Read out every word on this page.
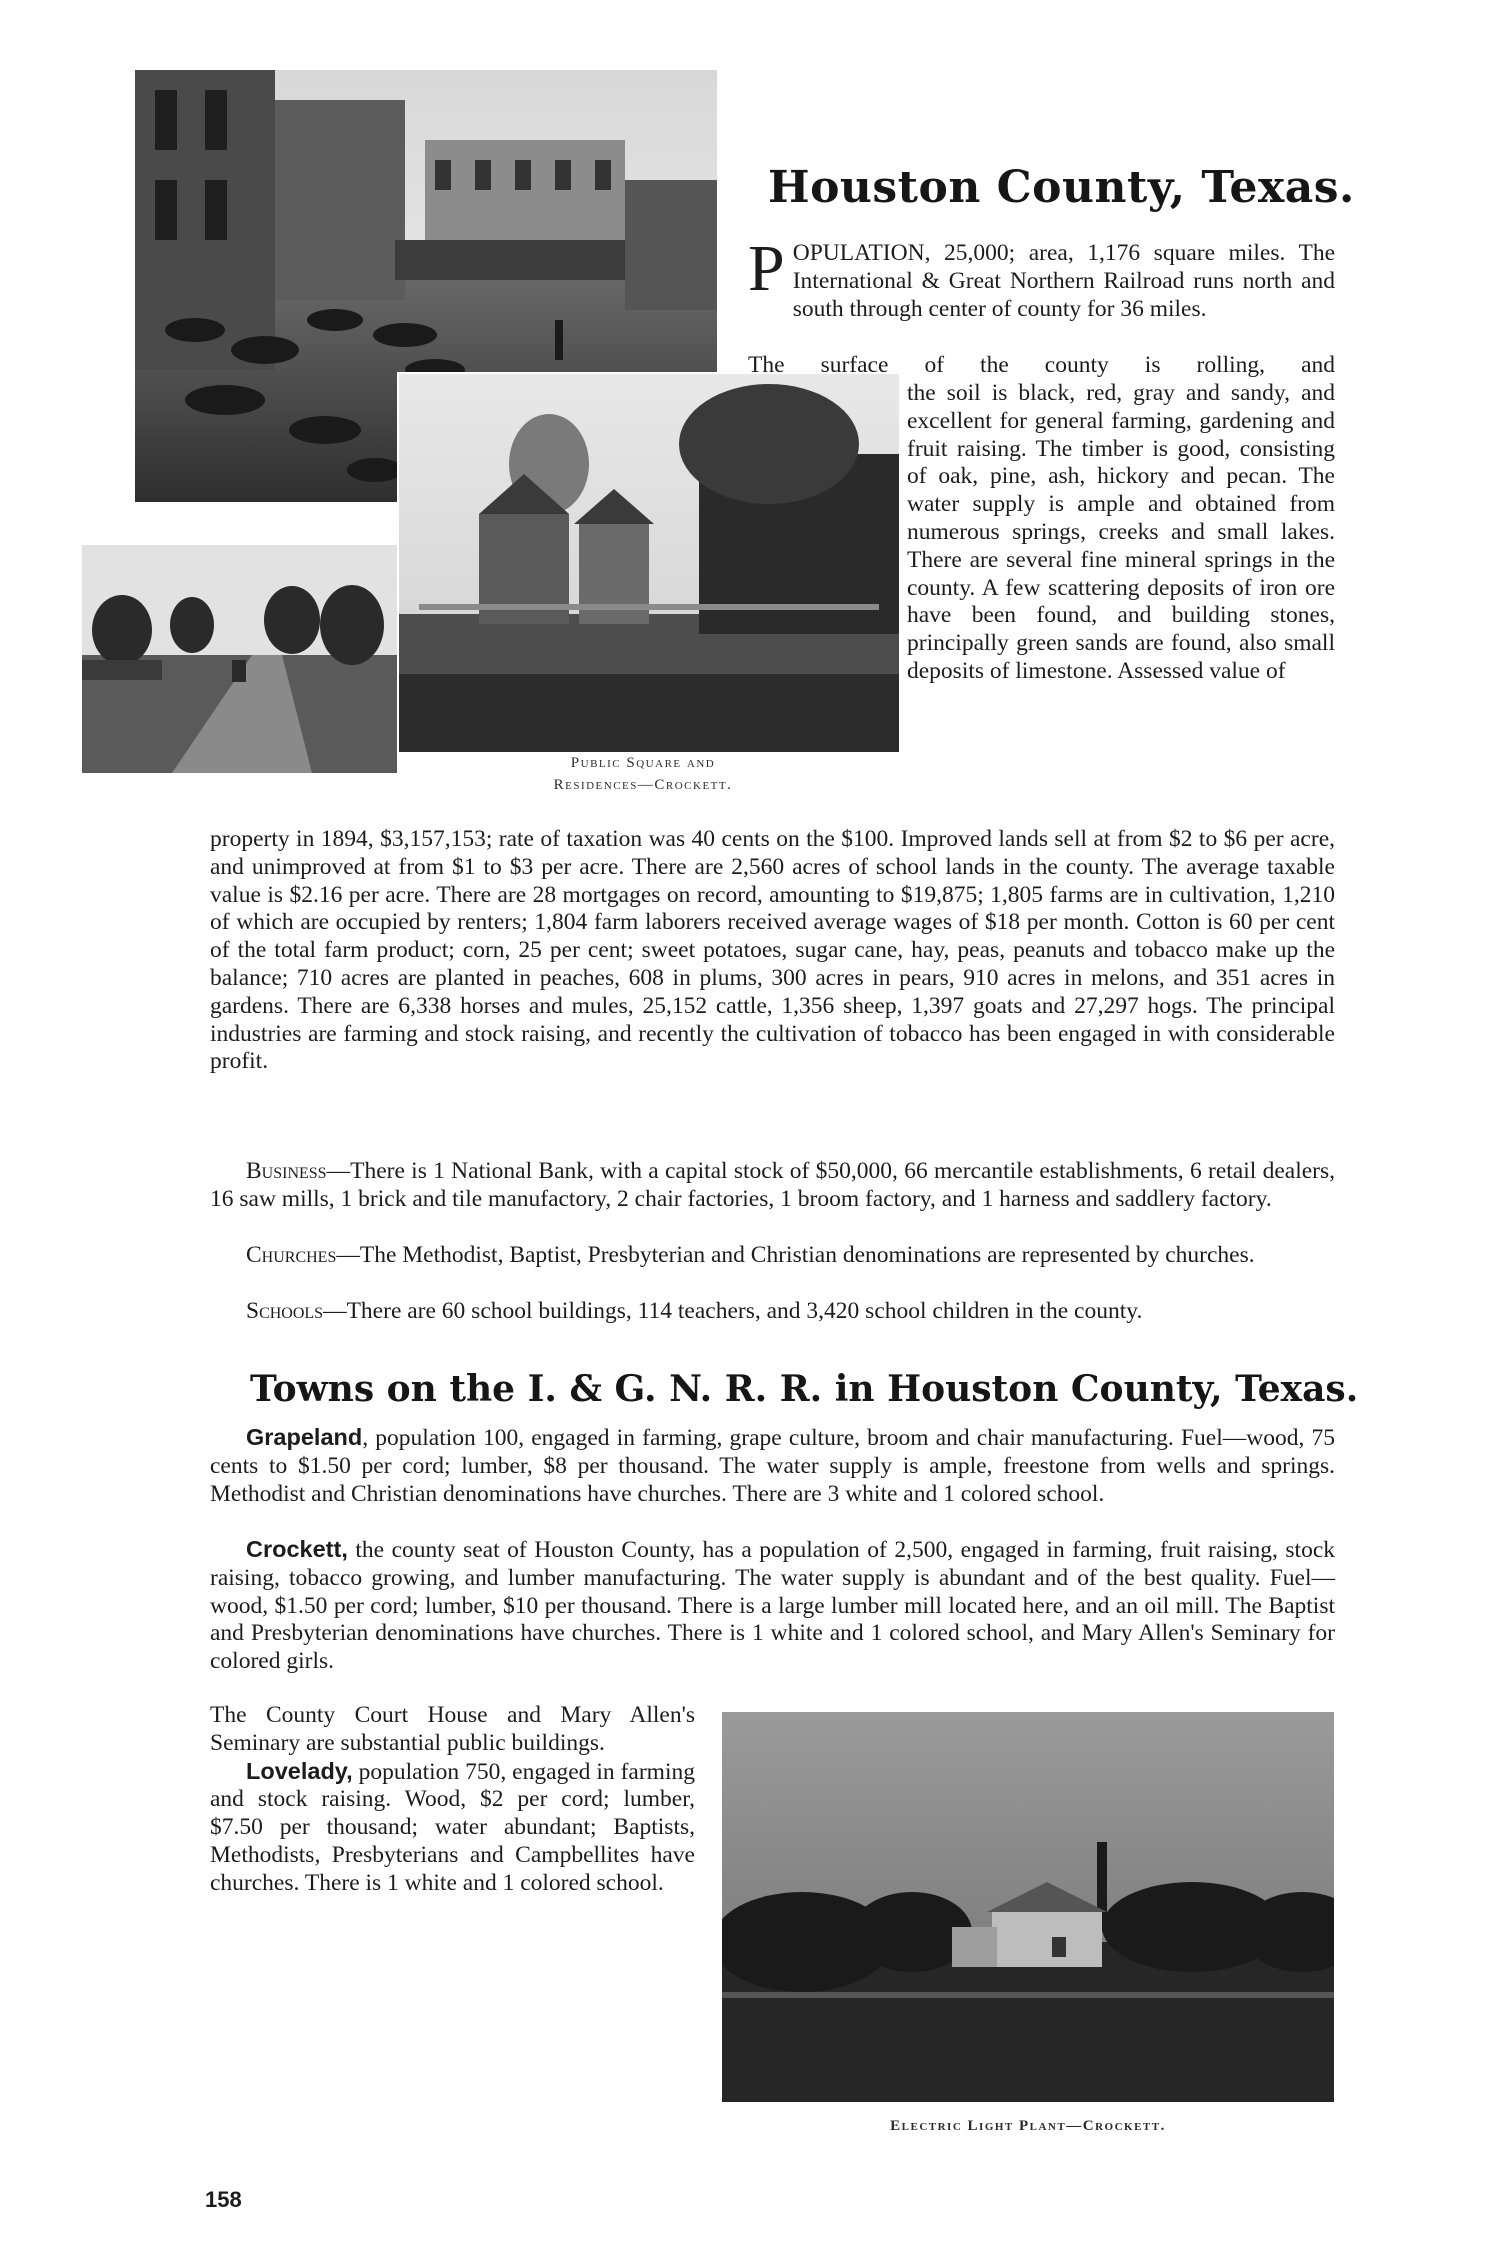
Public Square and
Residences—Crockett.
Houston County, Texas.
POPULATION, 25,000; area, 1,176 square miles. The International & Great Northern Railroad runs north and south through center of county for 36 miles.
The surface of the county is rolling, and
the soil is black, red, gray and sandy, and excellent for general farming, gardening and fruit raising. The timber is good, consisting of oak, pine, ash, hickory and pecan. The water supply is ample and obtained from numerous springs, creeks and small lakes. There are several fine mineral springs in the county. A few scattering deposits of iron ore have been found, and building stones, principally green sands are found, also small deposits of limestone. Assessed value of
property in 1894, $3,157,153; rate of taxation was 40 cents on the $100. Improved lands sell at from $2 to $6 per acre, and unimproved at from $1 to $3 per acre. There are 2,560 acres of school lands in the county. The average taxable value is $2.16 per acre. There are 28 mortgages on record, amounting to $19,875; 1,805 farms are in cultivation, 1,210 of which are occupied by renters; 1,804 farm laborers received average wages of $18 per month. Cotton is 60 per cent of the total farm product; corn, 25 per cent; sweet potatoes, sugar cane, hay, peas, peanuts and tobacco make up the balance; 710 acres are planted in peaches, 608 in plums, 300 acres in pears, 910 acres in melons, and 351 acres in gardens. There are 6,338 horses and mules, 25,152 cattle, 1,356 sheep, 1,397 goats and 27,297 hogs. The principal industries are farming and stock raising, and recently the cultivation of tobacco has been engaged in with considerable profit.

Business—There is 1 National Bank, with a capital stock of $50,000, 66 mercantile establishments, 6 retail dealers, 16 saw mills, 1 brick and tile manufactory, 2 chair factories, 1 broom factory, and 1 harness and saddlery factory.

Churches—The Methodist, Baptist, Presbyterian and Christian denominations are represented by churches.

Schools—There are 60 school buildings, 114 teachers, and 3,420 school children in the county.

Towns on the I. & G. N. R. R. in Houston County, Texas.

Grapeland, population 100, engaged in farming, grape culture, broom and chair manufacturing. Fuel—wood, 75 cents to $1.50 per cord; lumber, $8 per thousand. The water supply is ample, freestone from wells and springs. Methodist and Christian denominations have churches. There are 3 white and 1 colored school.

Crockett, the county seat of Houston County, has a population of 2,500, engaged in farming, fruit raising, stock raising, tobacco growing, and lumber manufacturing. The water supply is abundant and of the best quality. Fuel—wood, $1.50 per cord; lumber, $10 per thousand. There is a large lumber mill located here, and an oil mill. The Baptist and Presbyterian denominations have churches. There is 1 white and 1 colored school, and Mary Allen's Seminary for colored girls.

The County Court House and Mary Allen's Seminary are substantial public buildings.

Lovelady, population 750, engaged in farming and stock raising. Wood, $2 per cord; lumber, $7.50 per thousand; water abundant; Baptists, Methodists, Presbyterians and Campbellites have churches. There is 1 white and 1 colored school.

Electric Light Plant—Crockett.
158
